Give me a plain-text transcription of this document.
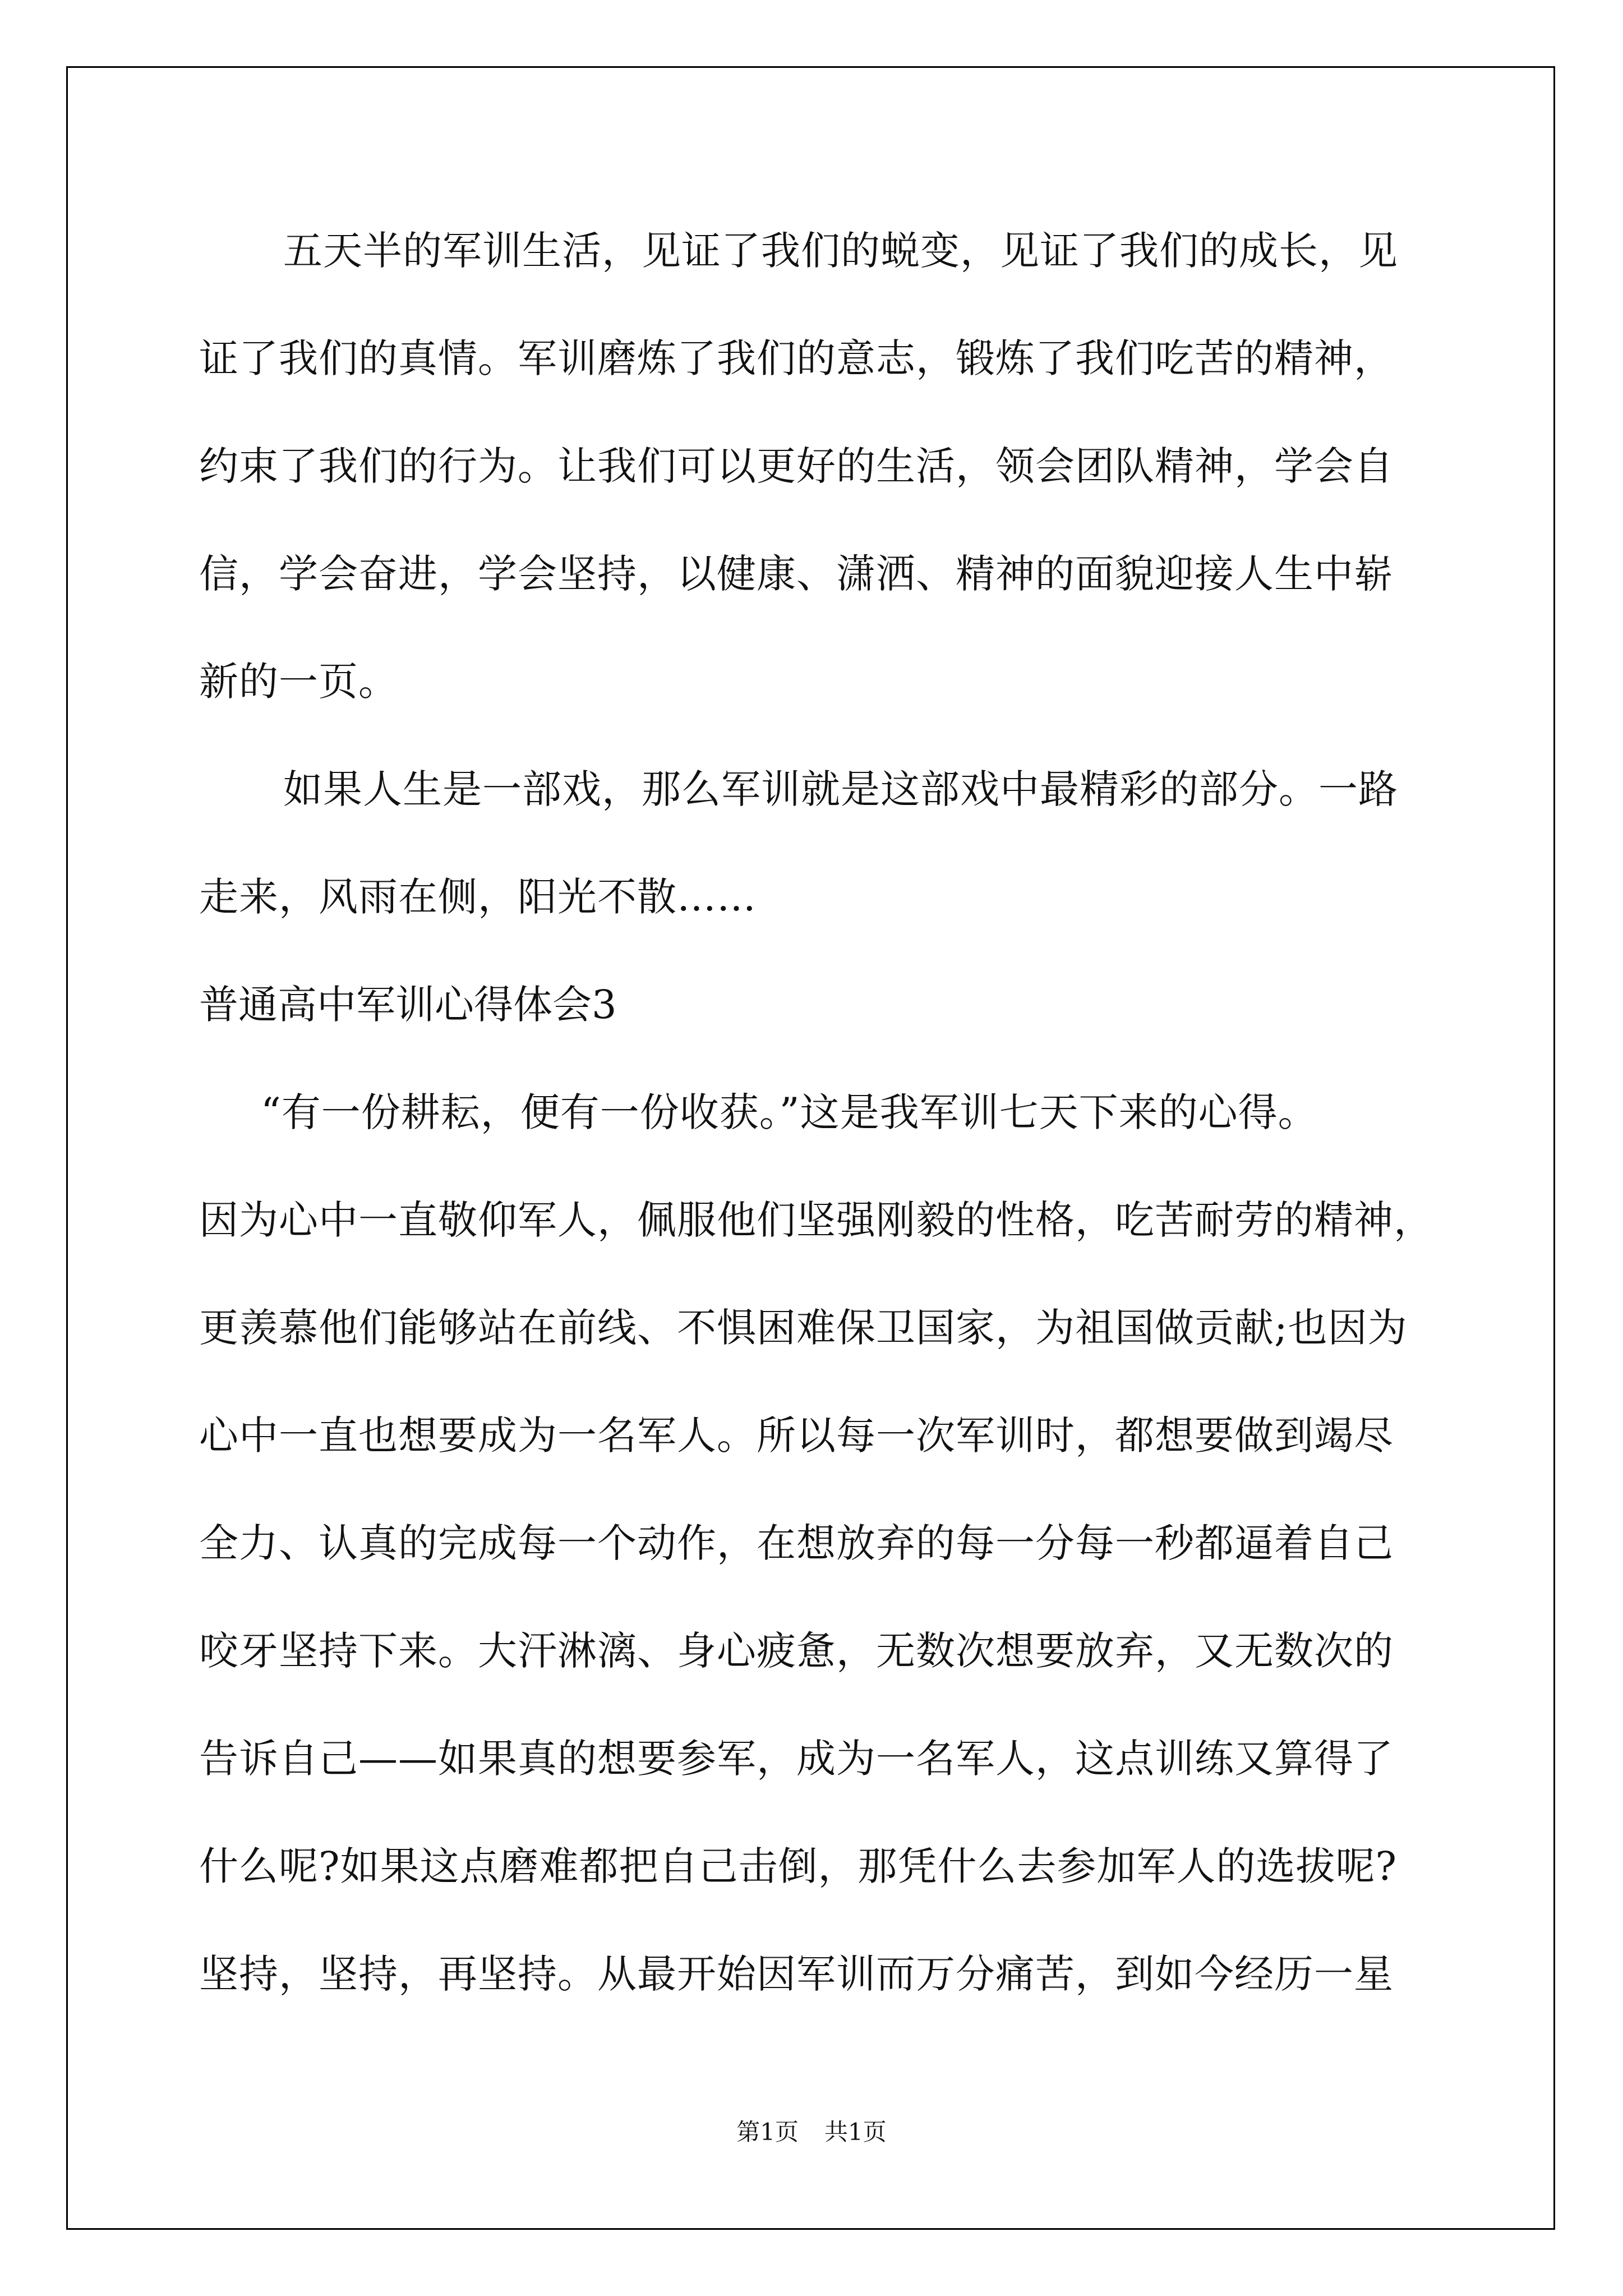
五天半的军训生活，见证了我们的蜕变，见证了我们的成长，见
证了我们的真情。军训磨炼了我们的意志，锻炼了我们吃苦的精神，
约束了我们的行为。让我们可以更好的生活，领会团队精神，学会自
信，学会奋进，学会坚持，以健康、潇洒、精神的面貌迎接人生中崭
新的一页。
如果人生是一部戏，那么军训就是这部戏中最精彩的部分。一路
走来，风雨在侧，阳光不散……
普通高中军训心得体会3
“有一份耕耘，便有一份收获。”这是我军训七天下来的心得。
因为心中一直敬仰军人，佩服他们坚强刚毅的性格，吃苦耐劳的精神，
更羡慕他们能够站在前线、不惧困难保卫国家，为祖国做贡献;也因为
心中一直也想要成为一名军人。所以每一次军训时，都想要做到竭尽
全力、认真的完成每一个动作，在想放弃的每一分每一秒都逼着自己
咬牙坚持下来。大汗淋漓、身心疲惫，无数次想要放弃，又无数次的
告诉自己——如果真的想要参军，成为一名军人，这点训练又算得了
什么呢?如果这点磨难都把自己击倒，那凭什么去参加军人的选拔呢?
坚持，坚持，再坚持。从最开始因军训而万分痛苦，到如今经历一星
第1页 共1页
